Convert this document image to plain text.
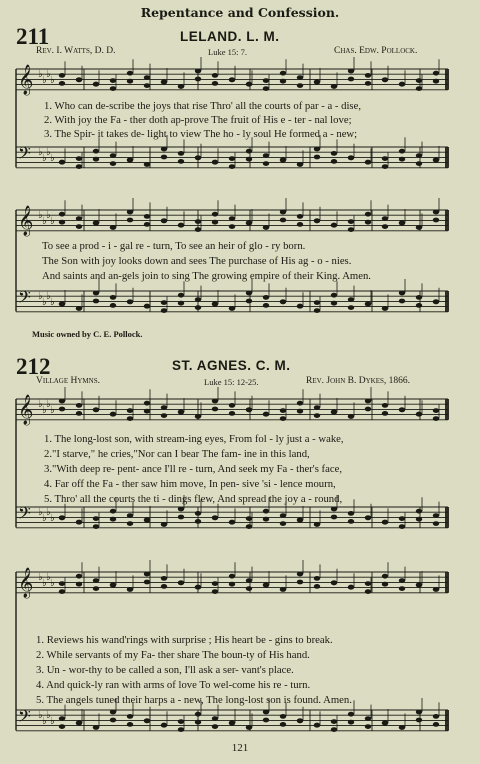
𝄞 ♭
♭
♭
♭
𝄢 ♭
♭
♭
♭
𝄞 ♭
♭
♭
♭
𝄢 ♭
♭
♭
♭
𝄞 ♭
♭
♭
♭
𝄢 ♭
♭
♭
♭
𝄞 ♭
♭
♭
♭
𝄢 ♭
♭
♭
♭
Repentance and Confession.
211	LELAND. L. M.
Rev. I. Watts, D. D.	Luke 15: 7.	Chas. Edw. Pollock.
1. Who can de-scribe the joys that rise Thro' all the courts of par - a - dise,
2. With joy the Fa - ther doth ap-prove The fruit of His e - ter - nal love;
3. The Spir- it takes de- light to view The ho - ly soul He formed a - new;
To see a prod - i - gal re - turn, To see an heir of glo - ry born.
The Son with joy looks down and sees The purchase of His ag - o - nies.
And saints and an-gels join to sing The growing empire of their King. Amen.
Music owned by C. E. Pollock.
212	ST. AGNES. C. M.
Village Hymns.	Luke 15: 12-25.	Rev. John B. Dykes, 1866.
1. The long-lost son, with stream-ing eyes, From fol - ly just a - wake,
2."I starve," he cries,"Nor can I bear The fam- ine in this land,
3."With deep re- pent- ance I'll re - turn, And seek my Fa - ther's face,
4. Far off the Fa - ther saw him move, In pen- sive 'si - lence mourn,
5. Thro' all the courts the ti - dings flew, And spread the joy a - round,
1. Reviews his wand'rings with surprise ; His heart be - gins to break.
2. While servants of my Fa- ther share The boun-ty of His hand.
3. Un - wor-thy to be called a son, I'll ask a ser- vant's place.
4. And quick-ly ran with arms of love To wel-come his re - turn.
5. The angels tuned their harps a - new, The long-lost son is found. Amen.
121
